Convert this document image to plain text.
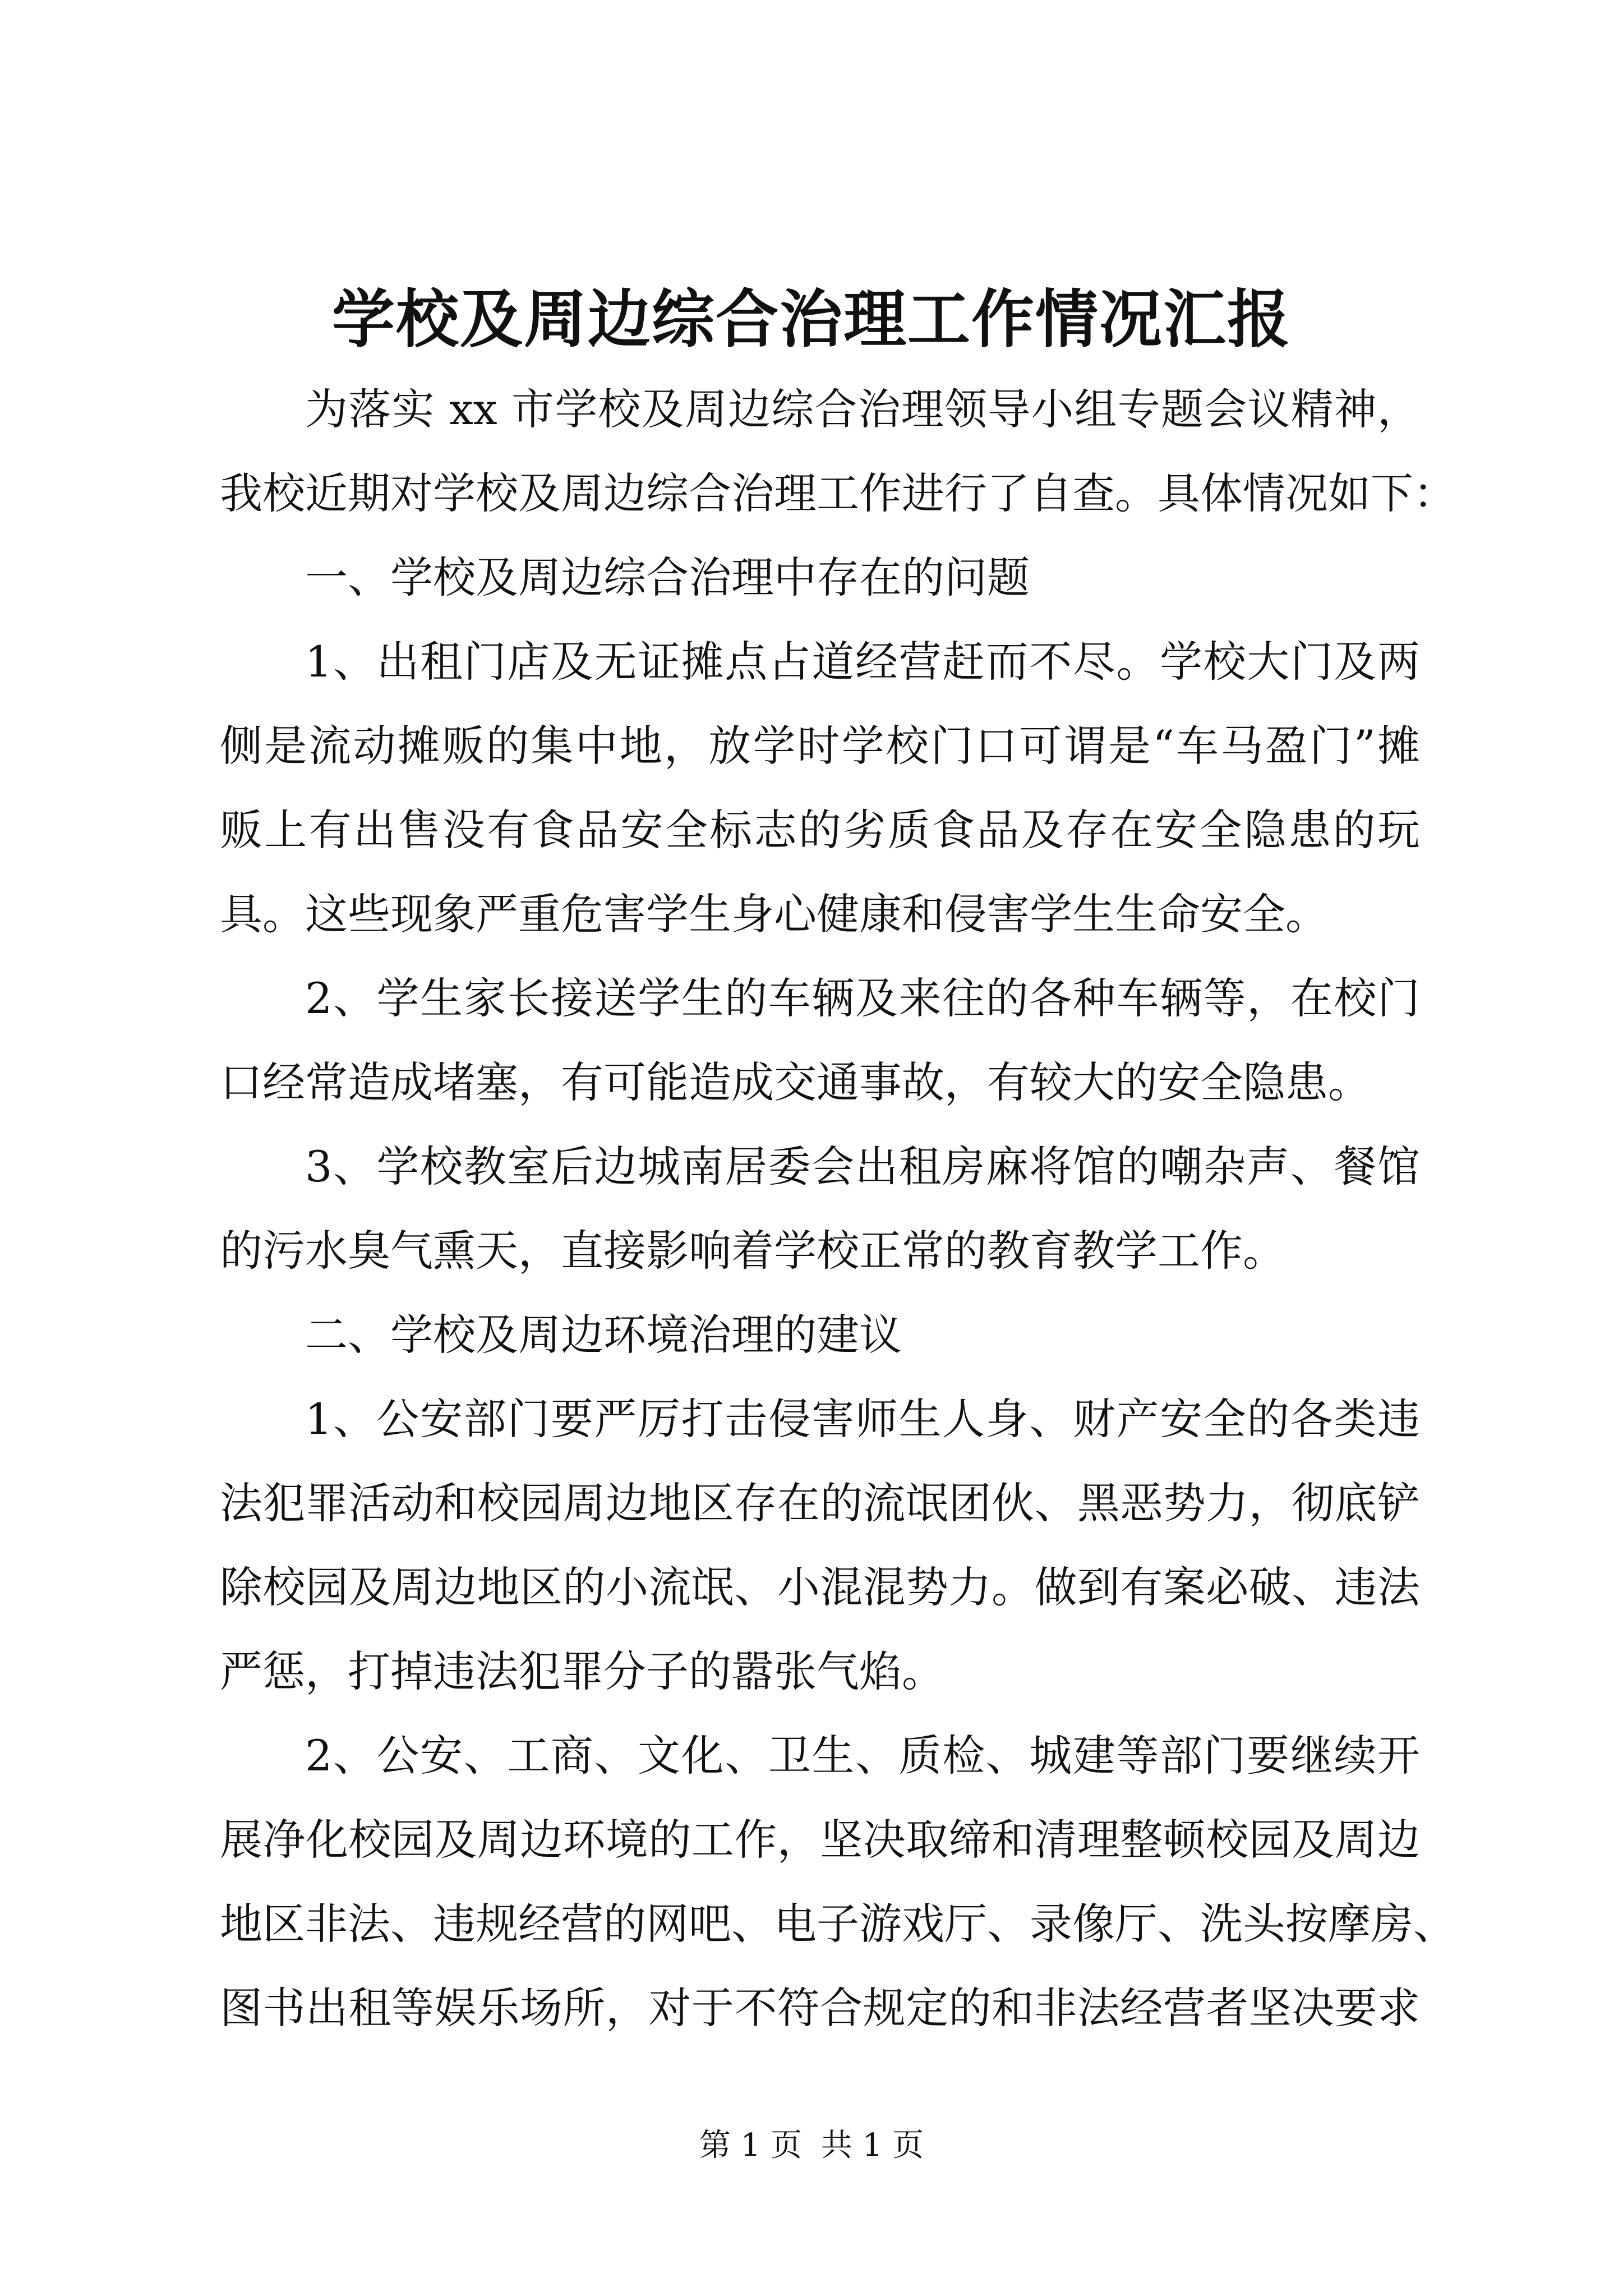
学校及周边综合治理工作情况汇报
为落实 xx 市学校及周边综合治理领导小组专题会议精神，
我校近期对学校及周边综合治理工作进行了自查。具体情况如下：
一、学校及周边综合治理中存在的问题
1、出租门店及无证摊点占道经营赶而不尽。学校大门及两
侧是流动摊贩的集中地，放学时学校门口可谓是“车马盈门”摊
贩上有出售没有食品安全标志的劣质食品及存在安全隐患的玩
具。这些现象严重危害学生身心健康和侵害学生生命安全。
2、学生家长接送学生的车辆及来往的各种车辆等，在校门
口经常造成堵塞，有可能造成交通事故，有较大的安全隐患。
3、学校教室后边城南居委会出租房麻将馆的嘲杂声、餐馆
的污水臭气熏天，直接影响着学校正常的教育教学工作。
二、学校及周边环境治理的建议
1、公安部门要严厉打击侵害师生人身、财产安全的各类违
法犯罪活动和校园周边地区存在的流氓团伙、黑恶势力，彻底铲
除校园及周边地区的小流氓、小混混势力。做到有案必破、违法
严惩，打掉违法犯罪分子的嚣张气焰。
2、公安、工商、文化、卫生、质检、城建等部门要继续开
展净化校园及周边环境的工作，坚决取缔和清理整顿校园及周边
地区非法、违规经营的网吧、电子游戏厅、录像厅、洗头按摩房、
图书出租等娱乐场所，对于不符合规定的和非法经营者坚决要求
第 1 页 共 1 页
